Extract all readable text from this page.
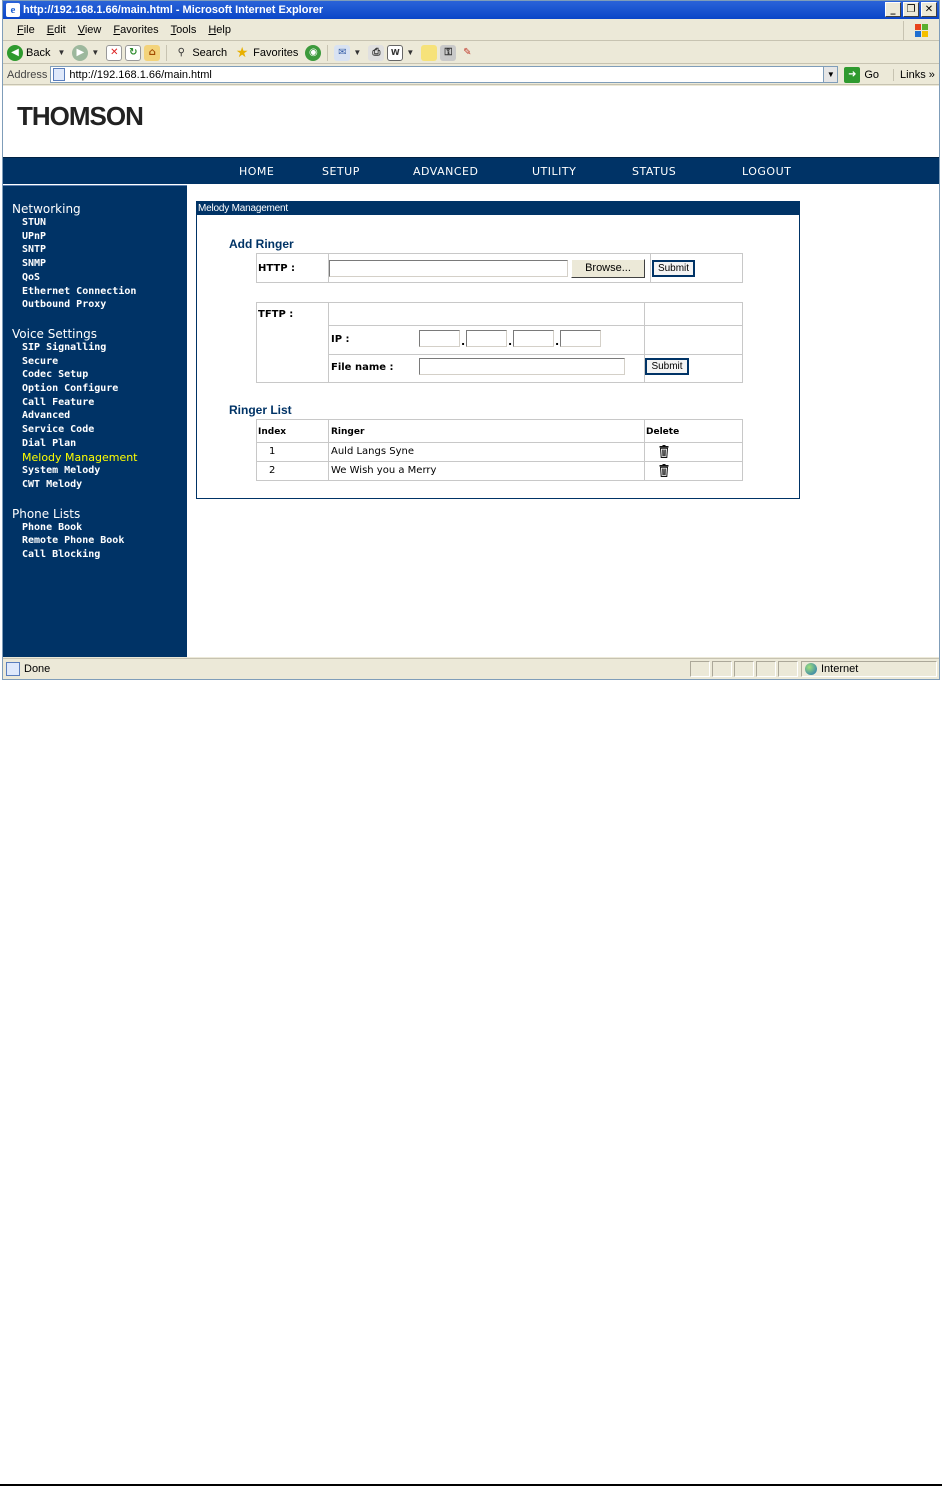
e http://192.168.1.66/main.html - Microsoft Internet Explorer	_	❐ ✕
File	Edit	View	Favorites	Tools	Help
◀ Back ▼	▶ ▼	✕	↻	⌂	⚲ Search ★ Favorites	◉	✉ ▼	⎙	W ▼	⚿	✎
Address http://192.168.1.66/main.html	▼	➜ Go	Links »
THOMSON
HOME	SETUP	ADVANCED	UTILITY	STATUS	LOGOUT
Networking
STUN
UPnP
SNTP
SNMP
QoS
Ethernet Connection
Outbound Proxy
Voice Settings
SIP Signalling
Secure
Codec Setup
Option Configure
Call Feature
Advanced
Service Code
Dial Plan
Melody Management
System Melody
CWT Melody
Phone Lists
Phone Book
Remote Phone Book
Call Blocking
Melody Management
Add Ringer
HTTP :	Browse...	Submit
TFTP :
IP :	.	.	.
File name :	Submit
Ringer List
Index	Ringer	Delete
1	Auld Langs Syne
2	We Wish you a Merry
Done	Internet
